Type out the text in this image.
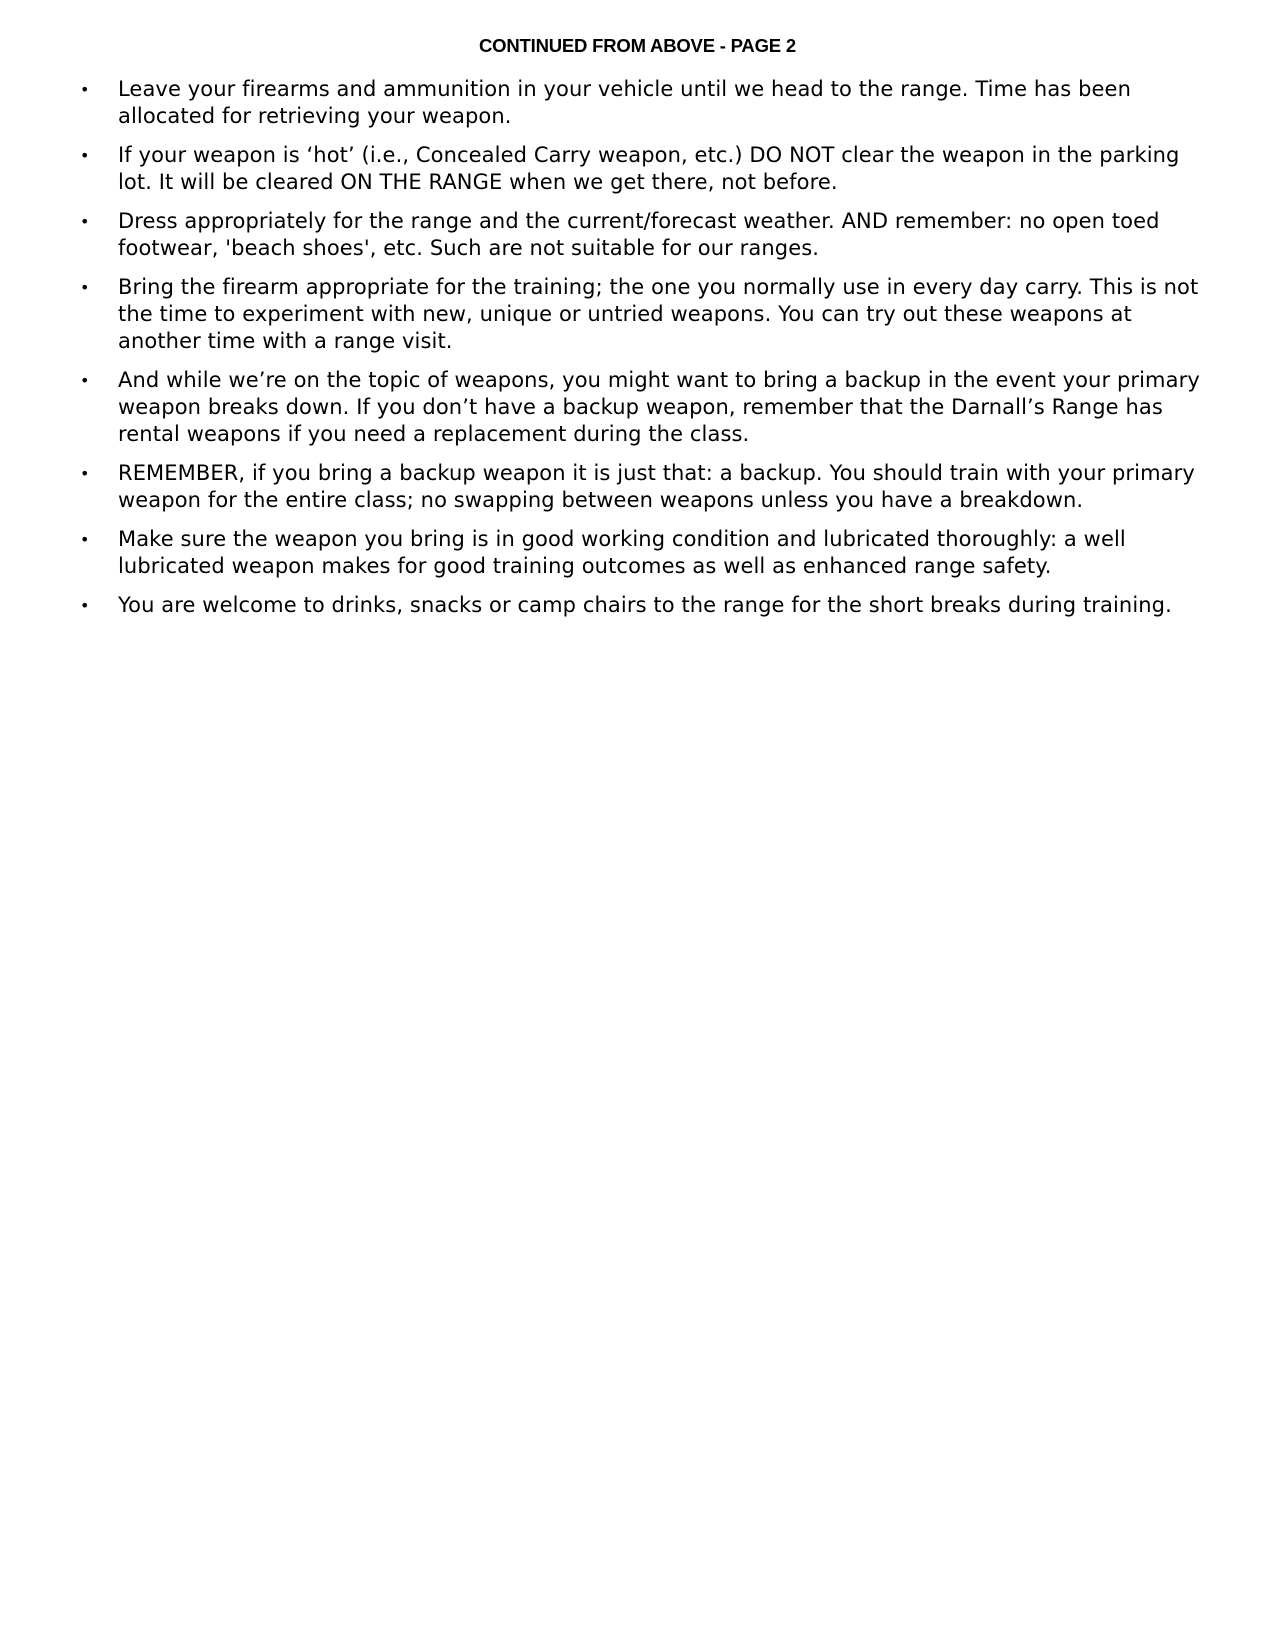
CONTINUED FROM ABOVE - PAGE 2
• Leave your firearms and ammunition in your vehicle until we head to the range. Time has been allocated for retrieving your weapon.
• If your weapon is ‘hot’ (i.e., Concealed Carry weapon, etc.) DO NOT clear the weapon in the parking lot. It will be cleared ON THE RANGE when we get there, not before.
• Dress appropriately for the range and the current/forecast weather. AND remember: no open toed footwear, 'beach shoes', etc. Such are not suitable for our ranges.
• Bring the firearm appropriate for the training; the one you normally use in every day carry. This is not the time to experiment with new, unique or untried weapons. You can try out these weapons at another time with a range visit.
• And while we’re on the topic of weapons, you might want to bring a backup in the event your primary weapon breaks down. If you don’t have a backup weapon, remember that the Darnall’s Range has rental weapons if you need a replacement during the class.
• REMEMBER, if you bring a backup weapon it is just that: a backup. You should train with your primary weapon for the entire class; no swapping between weapons unless you have a breakdown.
• Make sure the weapon you bring is in good working condition and lubricated thoroughly: a well lubricated weapon makes for good training outcomes as well as enhanced range safety.
• You are welcome to drinks, snacks or camp chairs to the range for the short breaks during training.
